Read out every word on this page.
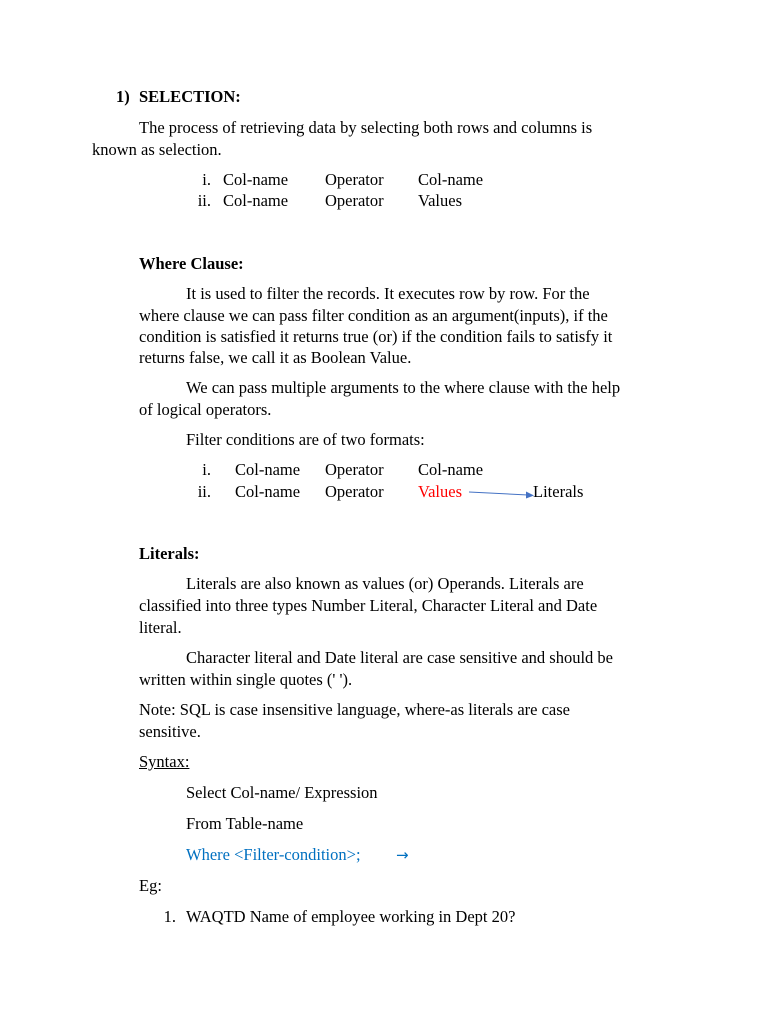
1) SELECTION:
The process of retrieving data by selecting both rows and columns is
known as selection.
i. Col-name Operator Col-name
ii. Col-name Operator Values
Where Clause:
It is used to filter the records. It executes row by row. For the
where clause we can pass filter condition as an argument(inputs), if the
condition is satisfied it returns true (or) if the condition fails to satisfy it
returns false, we call it as Boolean Value.
We can pass multiple arguments to the where clause with the help
of logical operators.
Filter conditions are of two formats:
i. Col-name Operator Col-name
ii. Col-name Operator Values	Literals
Literals:
Literals are also known as values (or) Operands. Literals are
classified into three types Number Literal, Character Literal and Date
literal.
Character literal and Date literal are case sensitive and should be
written within single quotes (' ').
Note: SQL is case insensitive language, where-as literals are case
sensitive.
Syntax:
Select Col-name/ Expression
From Table-name
Where <Filter-condition>; →
Eg:
1. WAQTD Name of employee working in Dept 20?
